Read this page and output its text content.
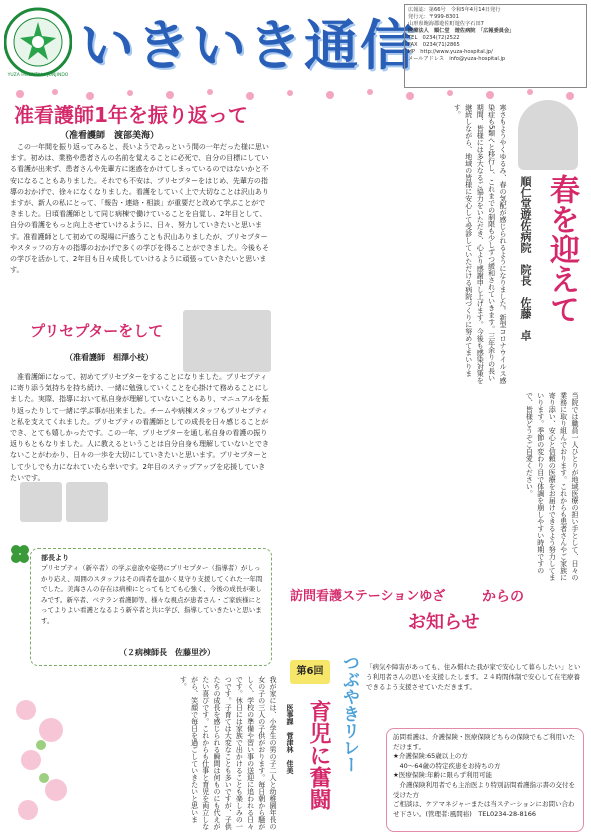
YUZA HOSPITAL · JUNJINDO いきいき通信
広報誌：第66号　令和5年4月14日発行
発行元：〒999-8301
山形県飽海郡遊佐町遊佐字石田7
医療法人　順仁堂　遊佐病院　「広報委員会」
TEL　0234(72)2522
FAX　0234(71)2865
HP　http://www.yuza-hospital.jp/
メールアドレス　info@yuza-hospital.jp
准看護師1年を振り返って
（准看護師　渡部美海）
この一年間を振り返ってみると、長いようであっという間の一年だった様に思います。初めは、業務や患者さんの名前を覚えることに必死で、自分の目標にしている看護が出来ず、患者さんや先輩方に迷惑をかけてしまっているのではないかと不安になることもありました。それでも不安は、プリセプターをはじめ、先輩方の指導のおかげで、徐々になくなりました。看護をしていく上で大切なことは沢山ありますが、新人の私にとって、「報告・連絡・相談」が重要だと改めて学ぶことができました。日頃看護師として同じ病棟で働けていることを自覚し、2年目として、自分の看護をもっと向上させていけるように、日々、努力していきたいと思います。准看護師として初めての現場に戸惑うことも沢山ありましたが、プリセプターやスタッフの方々の指導のおかげで多くの学びを得ることができました。今後もその学びを活かして、2年目も日々成長していけるように頑張っていきたいと思います。
プリセプターをして
（准看護師　相澤小枝）
准看護師になって、初めてプリセプターをすることになりました。プリセプティに寄り添う気持ちを持ち続け、一緒に勉強していくことを心掛けて務めることにしました。実際、指導において私自身が理解していないこともあり、マニュアルを振り返ったりして一緒に学ぶ事が出来ました。チームや病棟スタッフもプリセプティと私を支えてくれました。プリセプティの看護師としての成長を日々感じることができ、とても嬉しかったです。この一年、プリセプターを通し私自身の看護の振り返りもともなりました。人に教えるということは自分自身も理解していないとできないことがわかり、日々の一歩を大切にしていきたいと思います。プリセプターとして少しでも力になれていたら幸いです。2年目のステップアップを応援していきたいです。
部長より
プリセプティ（新卒者）の学ぶ意欲や姿勢にプリセプター（指導者）がしっかり応え、周囲のスタッフはその両者を温かく見守り支援してくれた一年間でした。美海さんの存在は病棟にとってもとても心強く、今後の成長が楽しみです。新卒者、ベテラン看護師等、様々な視点が患者さん・ご家族様にとってよりよい看護となるよう新卒者と共に学び、指導していきたいと思います。
（２病棟師長　佐藤里沙）
春を迎えて
順仁堂遊佐病院　院長　佐藤　卓
寒さもようやくゆるみ、春の気配が感じられるようになりました。新型コロナウイルス感染症も5類へと移行し、これまでの制限も少しずつ緩和されていきます。三年余りの長い期間、皆様には多大なるご協力をいただき、心より感謝申し上げます。今後も感染対策を継続しながら、地域の皆様に安心して受診していただける病院づくりに努めてまいります。
当院では職員一人ひとりが地域医療の担い手として、日々の業務に取り組んでおります。これからも患者さんやご家族に寄り添い、安心と信頼の医療をお届けできるよう努力してまいります。季節の変わり目で体調を崩しやすい時期ですので、皆様どうぞご自愛ください。
訪問看護ステーションゆざ	からの
お知らせ
「病気や障害があっても、住み慣れた我が家で安心して暮らしたい」という利用者さんの思いを支援したします。２４時間体制で安心して在宅療養できるよう支援させていただきます。
訪問看護は、介護保険・医療保険どちらの保険でもご利用いただけます。
★介護保険:65歳以上の方
　40〜64歳の特定疾患をお持ちの方
★医療保険:年齢に限らず利用可能
　介護保険利用者でも主治医より特別訪問看護指示書の交付を受けた方
ご相談は、ケアマネジャーまたは当ステーションにお問い合わせ下さい。(管理者:風間裕)　TEL0234-28-8166
第6回 つぶやきリレー
育児に奮闘
医事課　菅津林　佳美
我が家には、小学生の男の子二人と幼稚園年長の女の子の三人の子供がおります。毎日朝から騒がしく、学校の準備や習い事の送迎に追われる日々です。休日には家族で出かけることも楽しみの一つです。子育ては大変なことも多いですが、子供たちの成長を感じられる瞬間は何ものにも代えがたい喜びです。これからも仕事と育児を両立しながら、笑顔で毎日を過ごしていきたいと思います。
